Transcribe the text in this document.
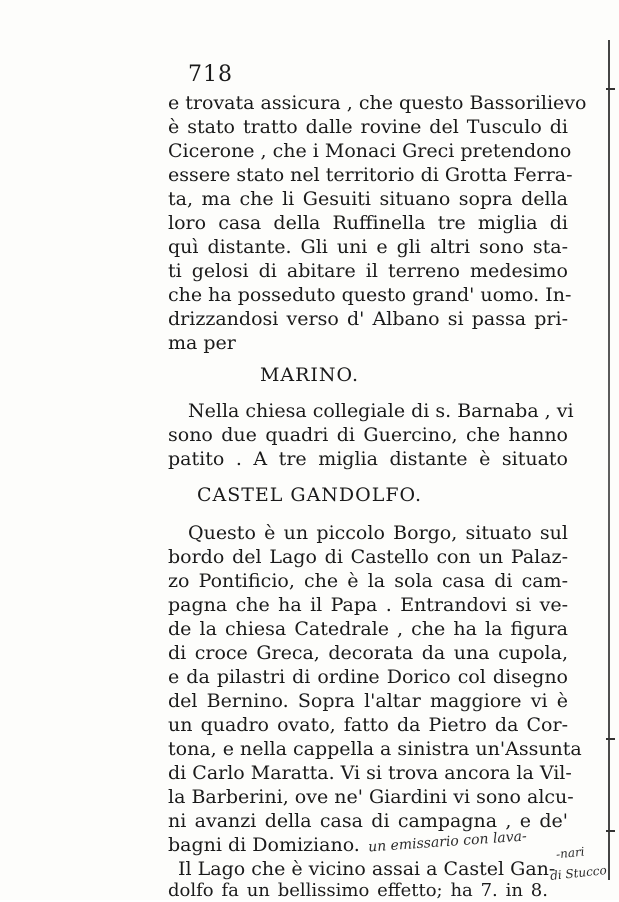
718
e trovata assicura , che questo Bassorilievo
è stato tratto dalle rovine del Tusculo di
Cicerone , che i Monaci Greci pretendono
essere stato nel territorio di Grotta Ferra-
ta, ma che li Gesuiti situano sopra della
loro casa della Ruffinella tre miglia di
quì distante. Gli uni e gli altri sono sta-
ti gelosi di abitare il terreno medesimo
che ha posseduto questo grand' uomo. In-
drizzandosi verso d' Albano si passa pri-
ma per
MARINO.
Nella chiesa collegiale di s. Barnaba , vi
sono due quadri di Guercino, che hanno
patito . A tre miglia distante è situato
CASTEL GANDOLFO.
Questo è un piccolo Borgo, situato sul
bordo del Lago di Castello con un Palaz-
zo Pontificio, che è la sola casa di cam-
pagna che ha il Papa . Entrandovi si ve-
de la chiesa Catedrale , che ha la figura
di croce Greca, decorata da una cupola,
e da pilastri di ordine Dorico col disegno
del Bernino. Sopra l'altar maggiore vi è
un quadro ovato, fatto da Pietro da Cor-
tona, e nella cappella a sinistra un'Assunta
di Carlo Maratta. Vi si trova ancora la Vil-
la Barberini, ove ne' Giardini vi sono alcu-
ni avanzi della casa di campagna , e de'
bagni di Domiziano.
Il Lago che è vicino assai a Castel Gan-
dolfo fa un bellissimo effetto; ha 7. in 8.
un emissario con lava- -nari
di Stucco
